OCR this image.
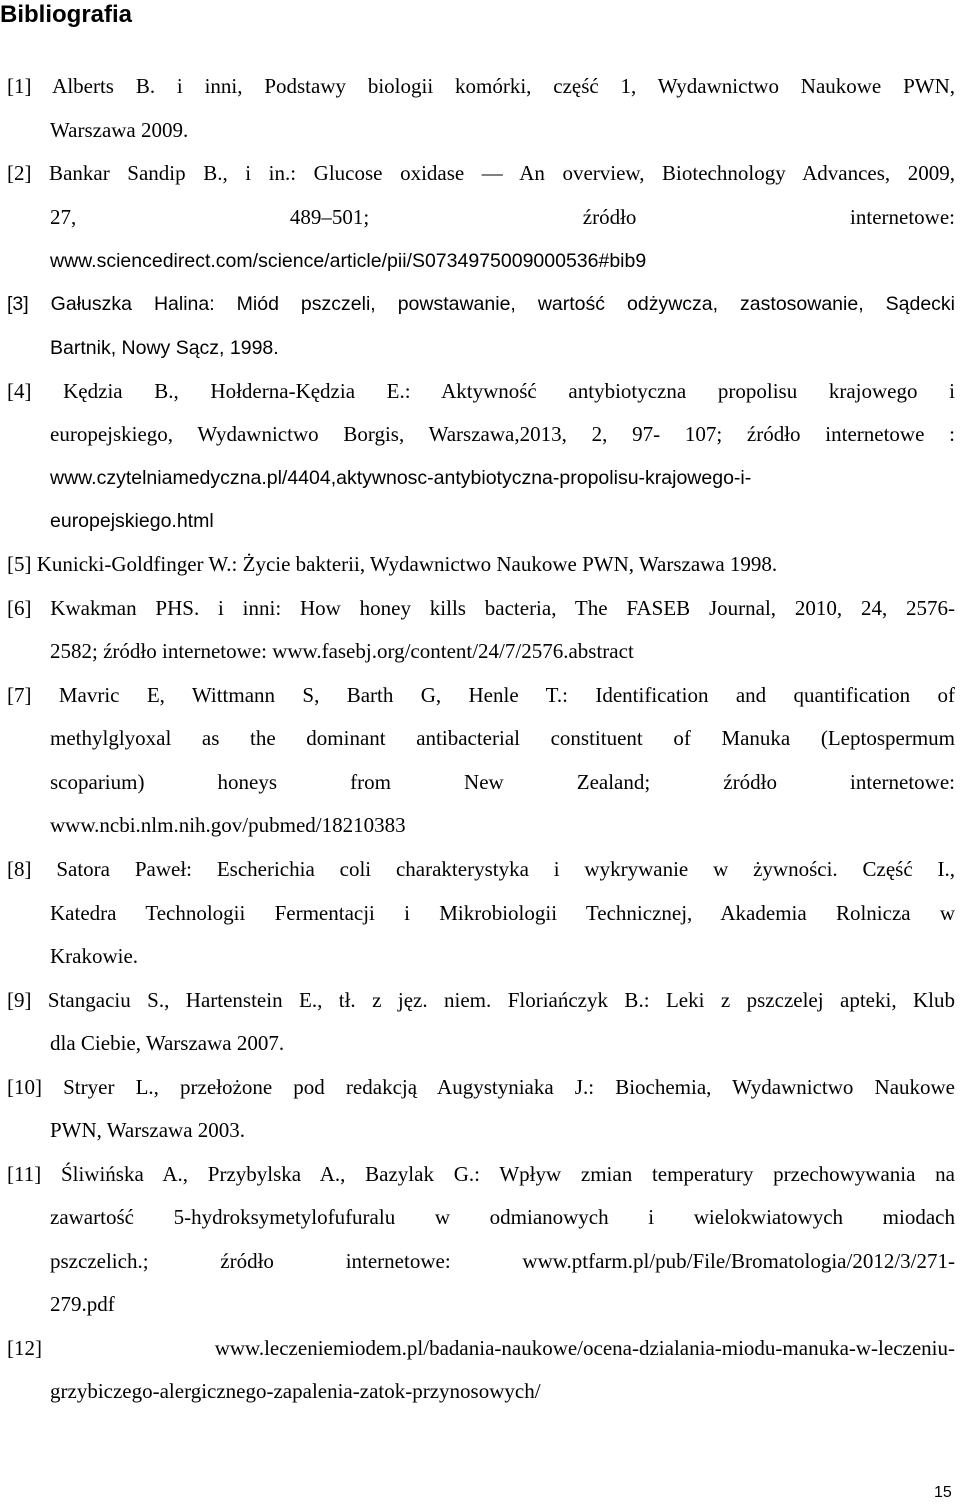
Bibliografia
[1] Alberts B. i inni, Podstawy biologii komórki, część 1, Wydawnictwo Naukowe PWN,
Warszawa 2009.
[2] Bankar Sandip B., i in.: Glucose oxidase — An overview, Biotechnology Advances, 2009,
27, 489–501; źródło internetowe:
www.sciencedirect.com/science/article/pii/S0734975009000536#bib9
[3] Gałuszka Halina: Miód pszczeli, powstawanie, wartość odżywcza, zastosowanie, Sądecki
Bartnik, Nowy Sącz, 1998.
[4] Kędzia B., Hołderna-Kędzia E.: Aktywność antybiotyczna propolisu krajowego i
europejskiego, Wydawnictwo Borgis, Warszawa,2013, 2, 97- 107; źródło internetowe :
www.czytelniamedyczna.pl/4404,aktywnosc-antybiotyczna-propolisu-krajowego-i-
europejskiego.html
[5] Kunicki-Goldfinger W.: Życie bakterii, Wydawnictwo Naukowe PWN, Warszawa 1998.
[6] Kwakman PHS. i inni: How honey kills bacteria, The FASEB Journal, 2010, 24, 2576-
2582; źródło internetowe: www.fasebj.org/content/24/7/2576.abstract
[7] Mavric E, Wittmann S, Barth G, Henle T.: Identification and quantification of
methylglyoxal as the dominant antibacterial constituent of Manuka (Leptospermum
scoparium) honeys from New Zealand; źródło internetowe:
www.ncbi.nlm.nih.gov/pubmed/18210383
[8] Satora Paweł: Escherichia coli charakterystyka i wykrywanie w żywności. Część I.,
Katedra Technologii Fermentacji i Mikrobiologii Technicznej, Akademia Rolnicza w
Krakowie.
[9] Stangaciu S., Hartenstein E., tł. z jęz. niem. Floriańczyk B.: Leki z pszczelej apteki, Klub
dla Ciebie, Warszawa 2007.
[10] Stryer L., przełożone pod redakcją Augystyniaka J.: Biochemia, Wydawnictwo Naukowe
PWN, Warszawa 2003.
[11] Śliwińska A., Przybylska A., Bazylak G.: Wpływ zmian temperatury przechowywania na
zawartość 5-hydroksymetylofufuralu w odmianowych i wielokwiatowych miodach
pszczelich.; źródło internetowe: www.ptfarm.pl/pub/File/Bromatologia/2012/3/271-
279.pdf
[12] www.leczeniemiodem.pl/badania-naukowe/ocena-dzialania-miodu-manuka-w-leczeniu-
grzybiczego-alergicznego-zapalenia-zatok-przynosowych/
15
